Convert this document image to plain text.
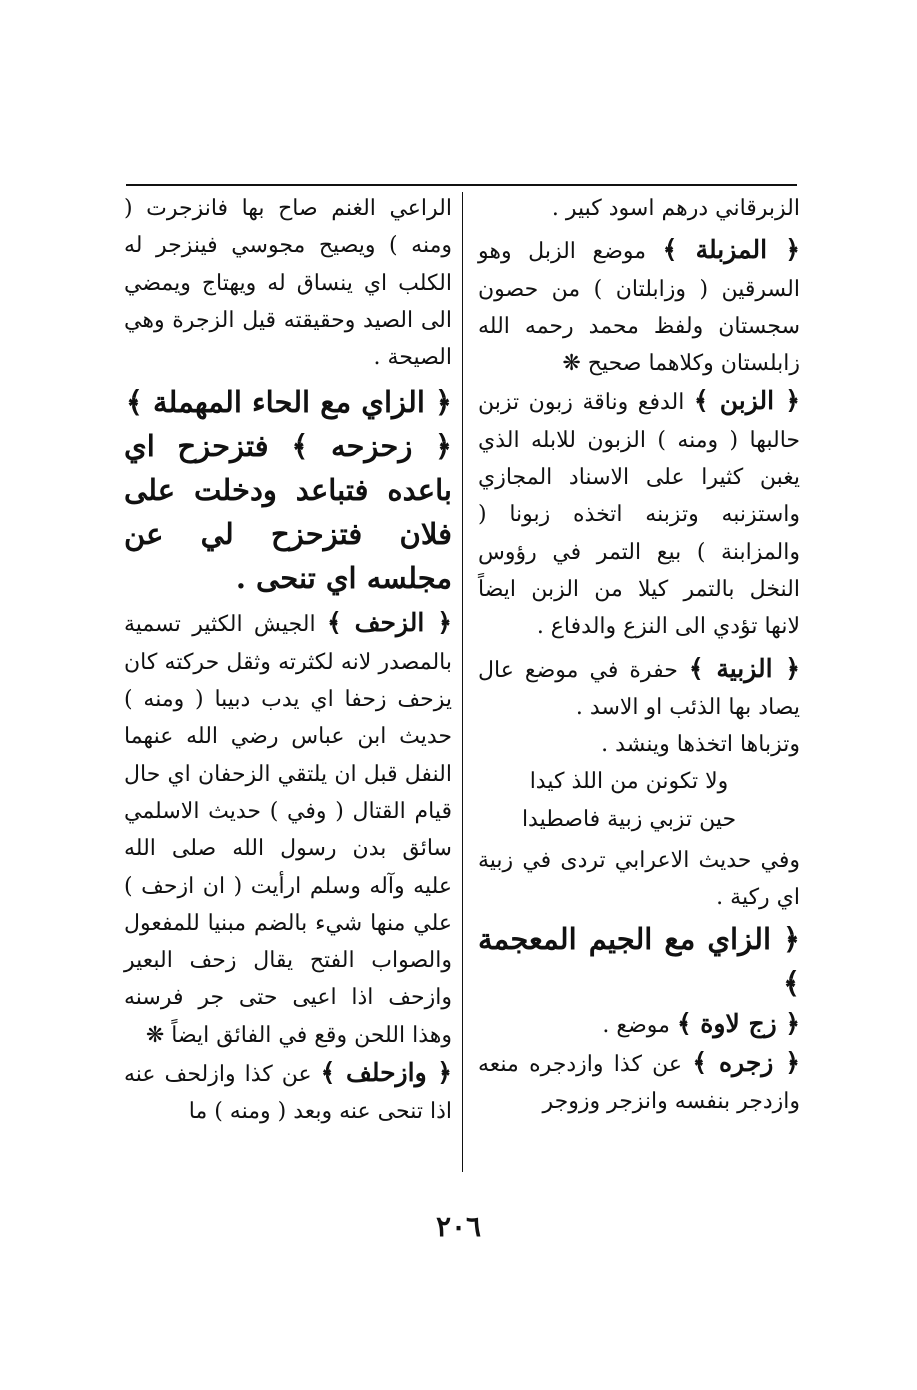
الزبرقاني درهم اسود كبير .

﴿ المزبلة ﴾ موضع الزبل وهو السرقين ( وزابلتان ) من حصون سجستان ولفظ محمد رحمه الله زابلستان وكلاهما صحيح ❋

﴿ الزبن ﴾ الدفع وناقة زبون تزبن حالبها ( ومنه ) الزبون للابله الذي يغبن كثيرا على الاسناد المجازي واستزنبه وتزبنه اتخذه زبونا ( والمزابنة ) بيع التمر في رؤوس النخل بالتمر كيلا من الزبن ايضاً لانها تؤدي الى النزع والدفاع .

﴿ الزبية ﴾ حفرة في موضع عال يصاد بها الذئب او الاسد .

وتزباها اتخذها وينشد .

ولا تكونن من اللذ كيدا

حين تزبي زبية فاصطيدا

وفي حديث الاعرابي تردى في زبية اي ركية .

﴿ الزاي مع الجيم المعجمة ﴾

﴿ زج لاوة ﴾ موضع .

﴿ زجره ﴾ عن كذا وازدجره منعه وازدجر بنفسه وانزجر وزوجر

الراعي الغنم صاح بها فانزجرت ( ومنه ) ويصيح مجوسي فينزجر له الكلب اي ينساق له ويهتاج ويمضي الى الصيد وحقيقته قيل الزجرة وهي الصيحة .

﴿ الزاي مع الحاء المهملة ﴾

﴿ زحزحه ﴾ فتزحزح اي باعده فتباعد ودخلت على فلان فتزحزح لي عن مجلسه اي تنحى .

﴿ الزحف ﴾ الجيش الكثير تسمية بالمصدر لانه لكثرته وثقل حركته كان يزحف زحفا اي يدب دبيبا ( ومنه ) حديث ابن عباس رضي الله عنهما النفل قبل ان يلتقي الزحفان اي حال قيام القتال ( وفي ) حديث الاسلمي سائق بدن رسول الله صلى الله عليه وآله وسلم ارأيت ( ان ازحف ) علي منها شيء بالضم مبنيا للمفعول والصواب الفتح يقال زحف البعير وازحف اذا اعيى حتى جر فرسنه وهذا اللحن وقع في الفائق ايضاً ❋

﴿ وازحلف ﴾ عن كذا وازلحف عنه اذا تنحى عنه وبعد ( ومنه ) ما

٢٠٦
